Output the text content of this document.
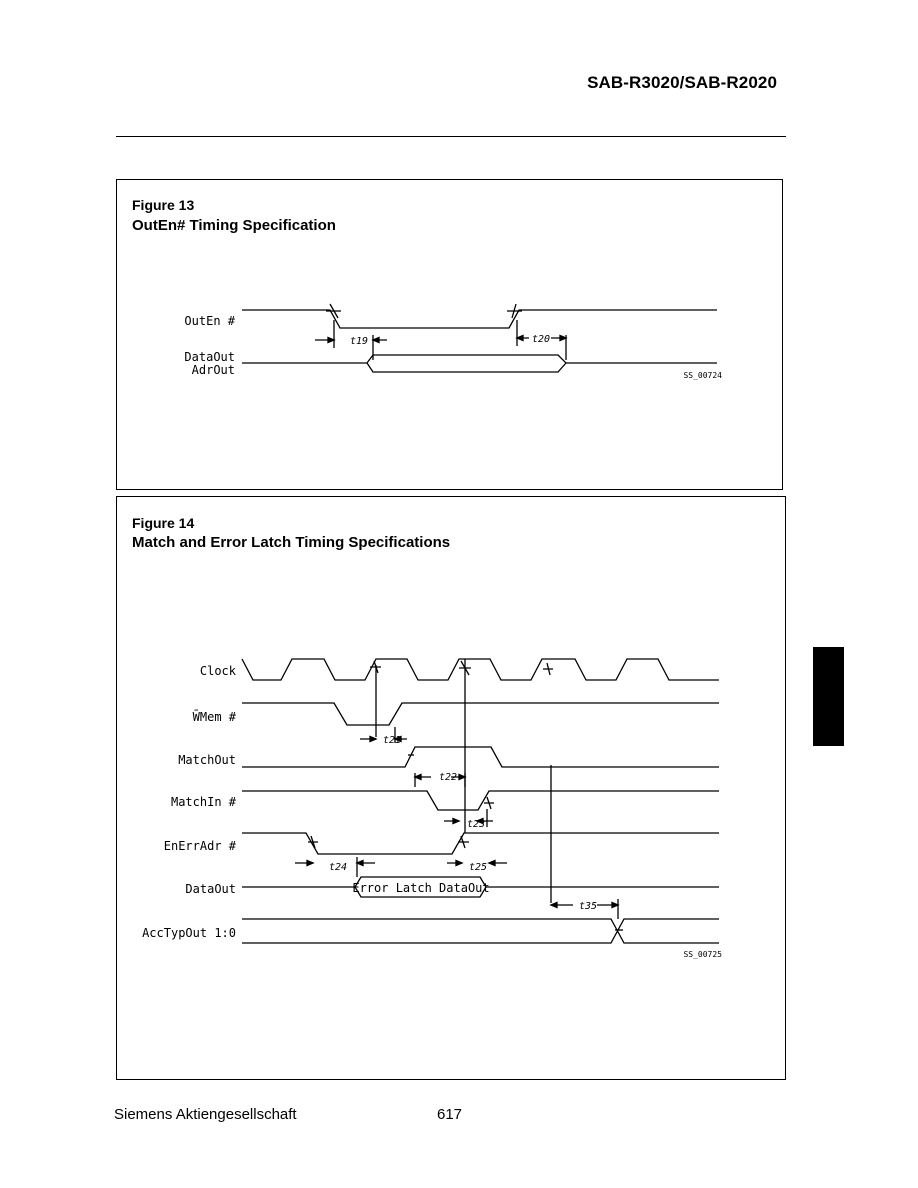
SAB-R3020/SAB-R2020
Figure 13
OutEn# Timing Specification
OutEn #
DataOut
AdrOut
t19	t20
SS_00724
Figure 14
Match and Error Latch Timing Specifications
Clock
W̄Mem #
MatchOut
MatchIn #
EnErrAdr #
DataOut
AccTypOut 1:0
Error Latch DataOut
t21
t22
t23
t24	t25
t35
SS_00725
Siemens Aktiengesellschaft	617
